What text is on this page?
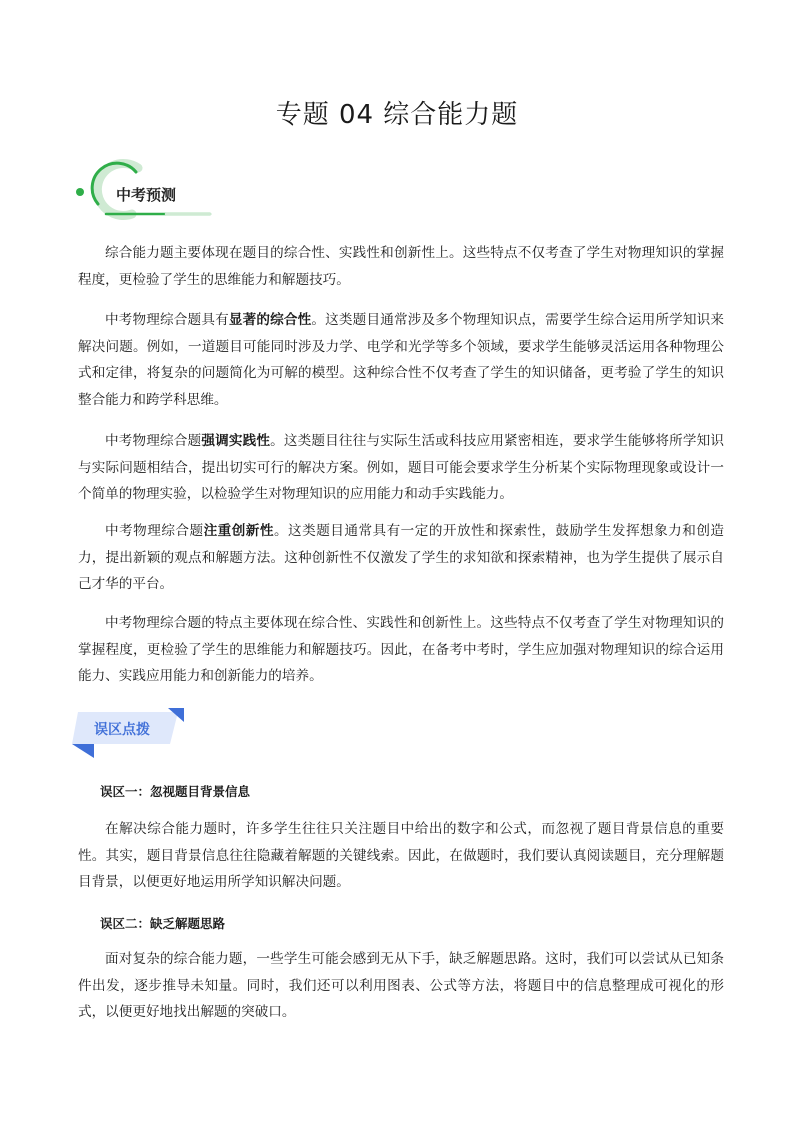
专题 04 综合能力题
中考预测

综合能力题主要体现在题目的综合性、实践性和创新性上。这些特点不仅考查了学生对物理知识的掌握程度，更检验了学生的思维能力和解题技巧。

中考物理综合题具有显著的综合性。这类题目通常涉及多个物理知识点，需要学生综合运用所学知识来解决问题。例如，一道题目可能同时涉及力学、电学和光学等多个领域，要求学生能够灵活运用各种物理公式和定律，将复杂的问题简化为可解的模型。这种综合性不仅考查了学生的知识储备，更考验了学生的知识整合能力和跨学科思维。

中考物理综合题强调实践性。这类题目往往与实际生活或科技应用紧密相连，要求学生能够将所学知识与实际问题相结合，提出切实可行的解决方案。例如，题目可能会要求学生分析某个实际物理现象或设计一个简单的物理实验，以检验学生对物理知识的应用能力和动手实践能力。

中考物理综合题注重创新性。这类题目通常具有一定的开放性和探索性，鼓励学生发挥想象力和创造力，提出新颖的观点和解题方法。这种创新性不仅激发了学生的求知欲和探索精神，也为学生提供了展示自己才华的平台。

中考物理综合题的特点主要体现在综合性、实践性和创新性上。这些特点不仅考查了学生对物理知识的掌握程度，更检验了学生的思维能力和解题技巧。因此，在备考中考时，学生应加强对物理知识的综合运用能力、实践应用能力和创新能力的培养。

误区点拨

误区一：忽视题目背景信息

在解决综合能力题时，许多学生往往只关注题目中给出的数字和公式，而忽视了题目背景信息的重要性。其实，题目背景信息往往隐藏着解题的关键线索。因此，在做题时，我们要认真阅读题目，充分理解题目背景，以便更好地运用所学知识解决问题。

误区二：缺乏解题思路

面对复杂的综合能力题，一些学生可能会感到无从下手，缺乏解题思路。这时，我们可以尝试从已知条件出发，逐步推导未知量。同时，我们还可以利用图表、公式等方法，将题目中的信息整理成可视化的形式，以便更好地找出解题的突破口。
